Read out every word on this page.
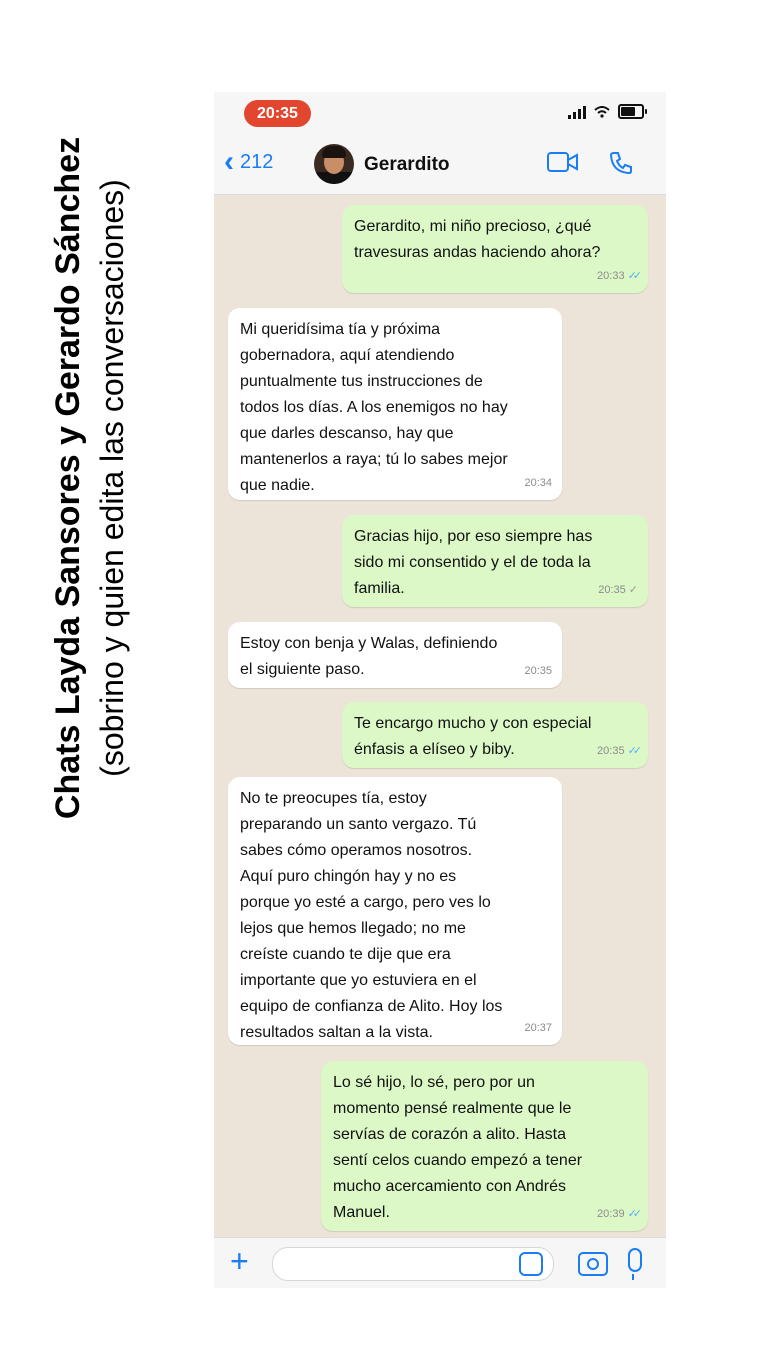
Chats Layda Sansores y Gerardo Sánchez (sobrino y quien edita las conversaciones)
20:35
‹ 212	Gerardito
Gerardito, mi niño precioso, ¿qué
travesuras andas haciendo ahora?
20:33 ✓✓
Mi queridísima tía y próxima
gobernadora, aquí atendiendo
puntualmente tus instrucciones de
todos los días. A los enemigos no hay
que darles descanso, hay que
mantenerlos a raya; tú lo sabes mejor
que nadie.	20:34
Gracias hijo, por eso siempre has
sido mi consentido y el de toda la
familia.	20:35 ✓
Estoy con benja y Walas, definiendo
el siguiente paso.	20:35
Te encargo mucho y con especial
énfasis a elíseo y biby.	20:35 ✓✓
No te preocupes tía, estoy
preparando un santo vergazo. Tú
sabes cómo operamos nosotros.
Aquí puro chingón hay y no es
porque yo esté a cargo, pero ves lo
lejos que hemos llegado; no me
creíste cuando te dije que era
importante que yo estuviera en el
equipo de confianza de Alito. Hoy los
resultados saltan a la vista.	20:37
Lo sé hijo, lo sé, pero por un
momento pensé realmente que le
servías de corazón a alito. Hasta
sentí celos cuando empezó a tener
mucho acercamiento con Andrés
Manuel.	20:39 ✓✓
+
